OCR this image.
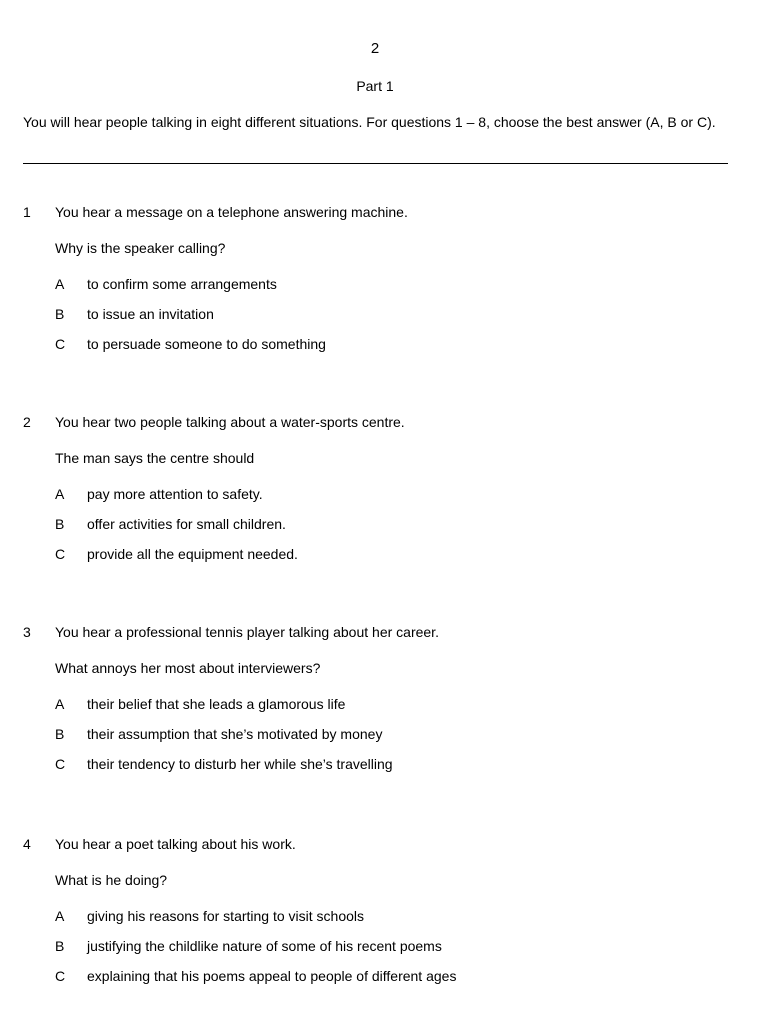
2
Part 1
You will hear people talking in eight different situations. For questions 1 – 8, choose the best answer (A, B or C).
1 You hear a message on a telephone answering machine.
Why is the speaker calling?
A to confirm some arrangements
B to issue an invitation
C to persuade someone to do something
2 You hear two people talking about a water-sports centre.
The man says the centre should
A pay more attention to safety.
B offer activities for small children.
C provide all the equipment needed.
3 You hear a professional tennis player talking about her career.
What annoys her most about interviewers?
A their belief that she leads a glamorous life
B their assumption that she’s motivated by money
C their tendency to disturb her while she’s travelling
4 You hear a poet talking about his work.
What is he doing?
A giving his reasons for starting to visit schools
B justifying the childlike nature of some of his recent poems
C explaining that his poems appeal to people of different ages
